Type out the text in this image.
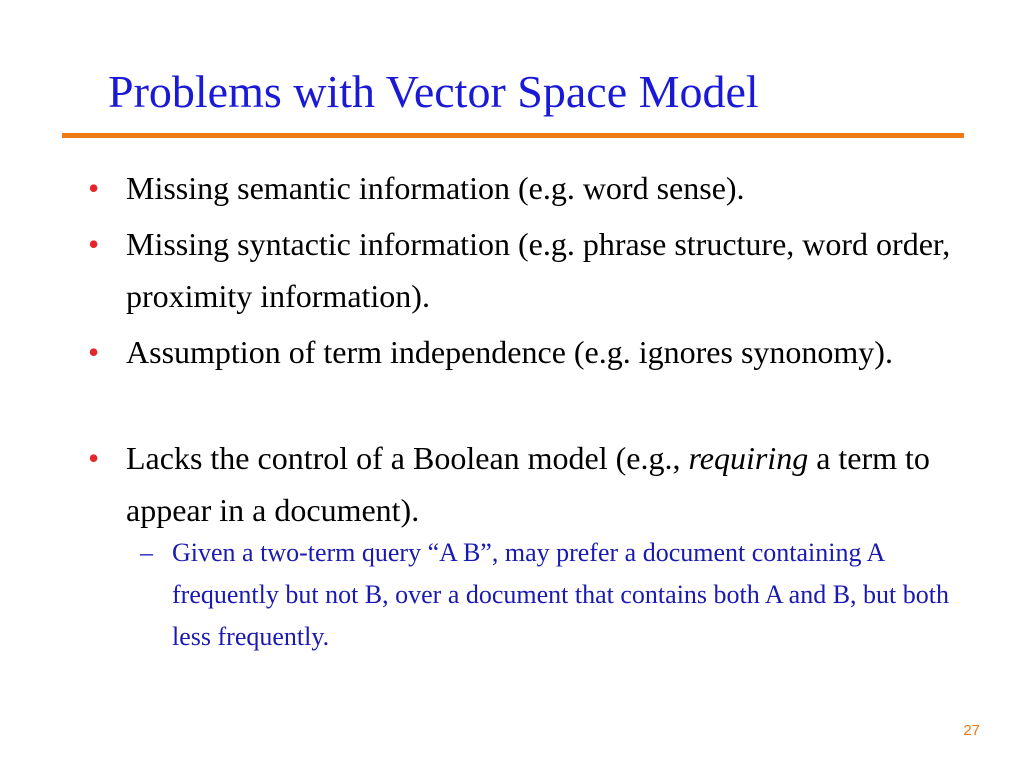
Problems with Vector Space Model
• Missing semantic information (e.g. word sense).
• Missing syntactic information (e.g. phrase structure, word order, proximity information).
• Assumption of term independence (e.g. ignores synonomy).
• Lacks the control of a Boolean model (e.g., requiring a term to appear in a document).
– Given a two-term query “A B”, may prefer a document containing A frequently but not B, over a document that contains both A and B, but both less frequently.
27
